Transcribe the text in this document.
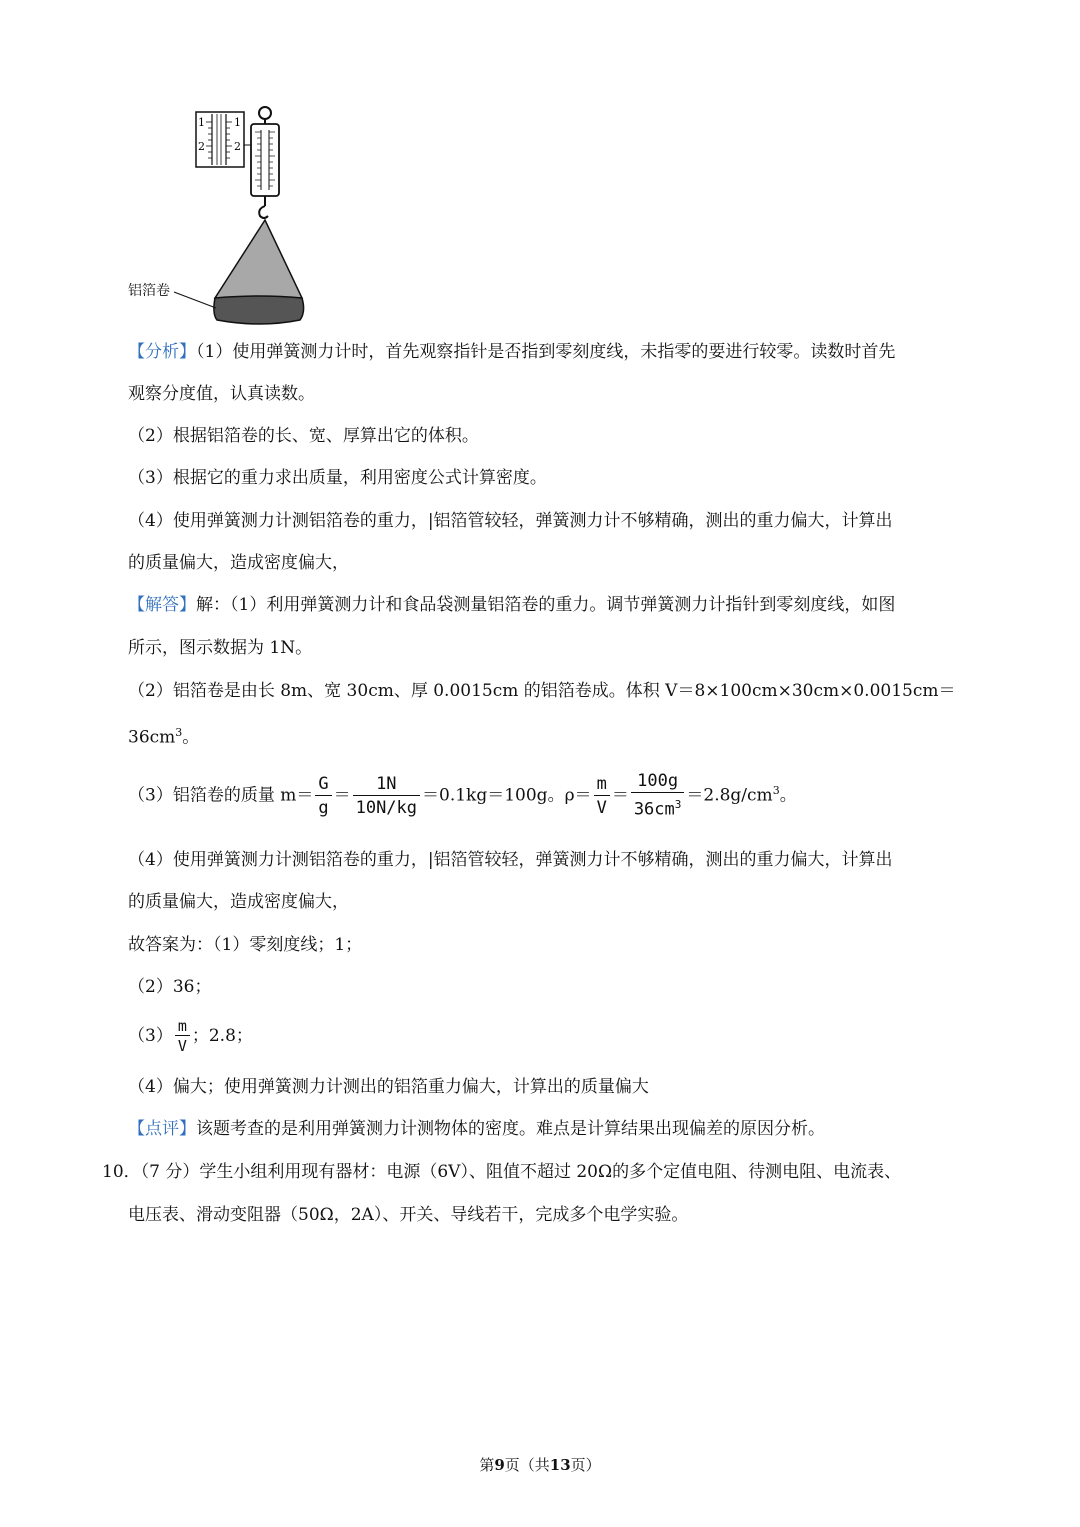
1
2
1
2
铝箔卷
【分析】（1）使用弹簧测力计时，首先观察指针是否指到零刻度线，未指零的要进行较零。读数时首先
观察分度值，认真读数。
（2）根据铝箔卷的长、宽、厚算出它的体积。
（3）根据它的重力求出质量，利用密度公式计算密度。
（4）使用弹簧测力计测铝箔卷的重力，|铝箔管较轻，弹簧测力计不够精确，测出的重力偏大，计算出
的质量偏大，造成密度偏大，
【解答】解：（1）利用弹簧测力计和食品袋测量铝箔卷的重力。调节弹簧测力计指针到零刻度线，如图
所示，图示数据为 1N。
（2）铝箔卷是由长 8m、宽 30cm、厚 0.0015cm 的铝箔卷成。体积 V＝8×100cm×30cm×0.0015cm＝
$36cm^3$。
（3）铝箔卷的质量 $m= \frac{G}{g} = \frac{1N}{10N/kg} =0.1kg=100g$。$\rho= \frac{m}{V} = \frac{100g}{36cm^3} =2.8g/cm^3$。
（4）使用弹簧测力计测铝箔卷的重力，|铝箔管较轻，弹簧测力计不够精确，测出的重力偏大，计算出
的质量偏大，造成密度偏大，
故答案为：（1）零刻度线；1；
（2）36；
$(3) \frac{m}{V}$ ；2.8；
（4）偏大；使用弹簧测力计测出的铝箔重力偏大，计算出的质量偏大
【点评】该题考查的是利用弹簧测力计测物体的密度。难点是计算结果出现偏差的原因分析。
10．（7 分）学生小组利用现有器材：电源（6V）、阻值不超过 20Ω的多个定值电阻、待测电阻、电流表、
电压表、滑动变阻器（50Ω，2A）、开关、导线若干，完成多个电学实验。
第9页（共13页）
